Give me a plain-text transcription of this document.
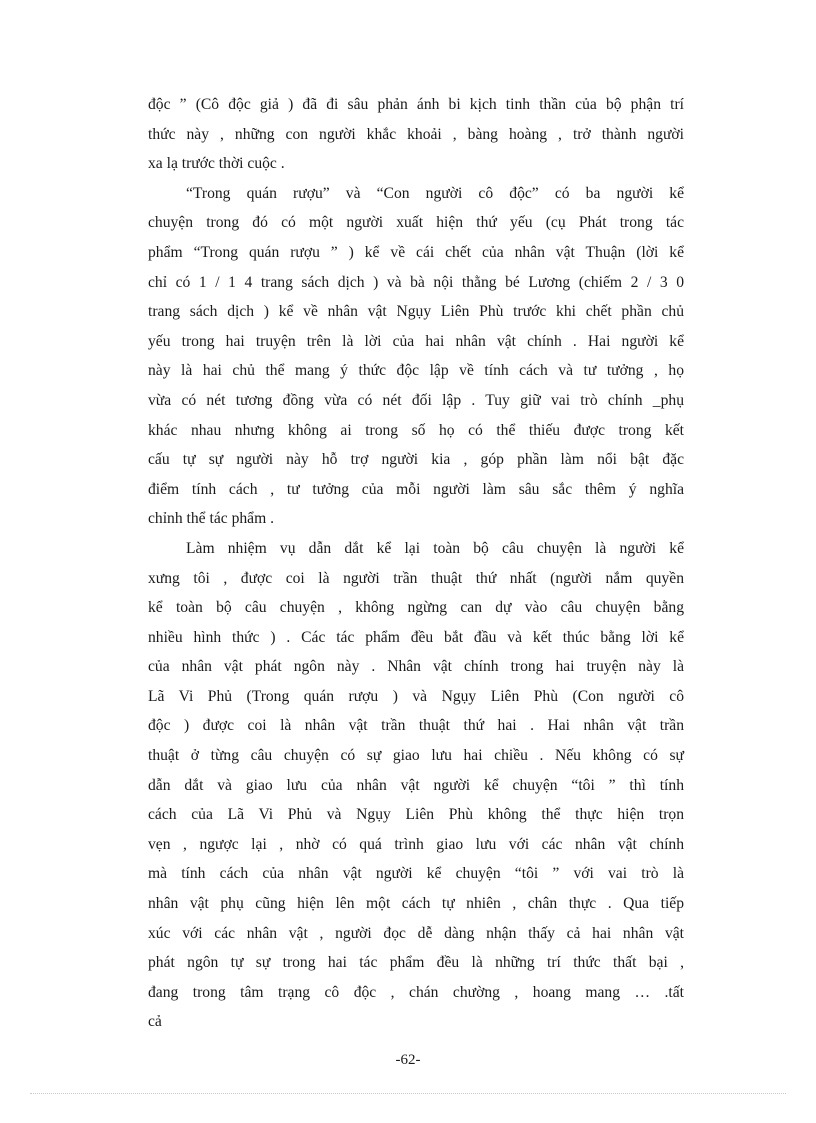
độc ” (Cô độc giả ) đã đi sâu phản ánh bi kịch tinh thần của bộ phận trí
thức này , những con người khắc khoải , bàng hoàng , trở thành người
xa lạ trước thời cuộc .
“Trong quán rượu” và “Con người cô độc” có ba người kể
chuyện trong đó có một người xuất hiện thứ yếu (cụ Phát trong tác
phẩm “Trong quán rượu ” ) kể về cái chết của nhân vật Thuận (lời kể
chỉ có 1 / 1 4 trang sách dịch ) và bà nội thằng bé Lương (chiếm 2 / 3 0
trang sách dịch ) kể về nhân vật Ngụy Liên Phù trước khi chết phần chủ
yếu trong hai truyện trên là lời của hai nhân vật chính . Hai người kể
này là hai chủ thể mang ý thức độc lập về tính cách và tư tưởng , họ
vừa có nét tương đồng vừa có nét đối lập . Tuy giữ vai trò chính _phụ
khác nhau nhưng không ai trong số họ có thể thiếu được trong kết
cấu tự sự người này hỗ trợ người kia , góp phần làm nổi bật đặc
điểm tính cách , tư tưởng của mỗi người làm sâu sắc thêm ý nghĩa
chỉnh thể tác phẩm .
Làm nhiệm vụ dẫn dắt kể lại toàn bộ câu chuyện là người kể
xưng tôi , được coi là người trần thuật thứ nhất (người nắm quyền
kể toàn bộ câu chuyện , không ngừng can dự vào câu chuyện bằng
nhiều hình thức ) . Các tác phẩm đều bắt đầu và kết thúc bằng lời kể
của nhân vật phát ngôn này . Nhân vật chính trong hai truyện này là
Lã Vi Phủ (Trong quán rượu ) và Ngụy Liên Phù (Con người cô
độc ) được coi là nhân vật trần thuật thứ hai . Hai nhân vật trần
thuật ở từng câu chuyện có sự giao lưu hai chiều . Nếu không có sự
dẫn dắt và giao lưu của nhân vật người kể chuyện “tôi ” thì tính
cách của Lã Vi Phủ và Ngụy Liên Phù không thể thực hiện trọn
vẹn , ngược lại , nhờ có quá trình giao lưu với các nhân vật chính
mà tính cách của nhân vật người kể chuyện “tôi ” với vai trò là
nhân vật phụ cũng hiện lên một cách tự nhiên , chân thực . Qua tiếp
xúc với các nhân vật , người đọc dễ dàng nhận thấy cả hai nhân vật
phát ngôn tự sự trong hai tác phẩm đều là những trí thức thất bại ,
đang trong tâm trạng cô độc , chán chường , hoang mang … .tất
cả
-62-
